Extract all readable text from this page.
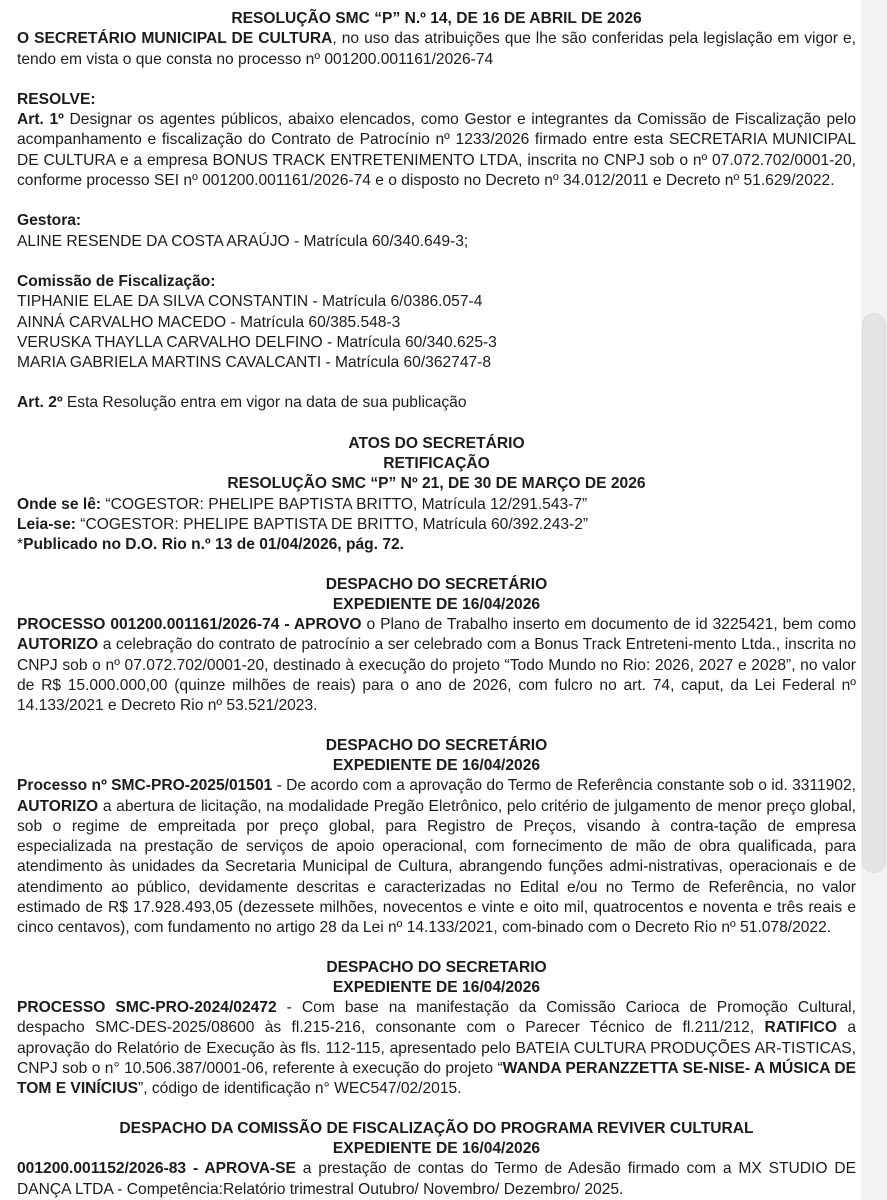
RESOLUÇÃO SMC “P” N.º 14, DE 16 DE ABRIL DE 2026

O SECRETÁRIO MUNICIPAL DE CULTURA, no uso das atribuições que lhe são conferidas pela legislação em vigor e, tendo em vista o que consta no processo nº 001200.001161/2026-74

RESOLVE:

Art. 1º Designar os agentes públicos, abaixo elencados, como Gestor e integrantes da Comissão de Fiscalização pelo acompanhamento e fiscalização do Contrato de Patrocínio nº 1233/2026 firmado entre esta SECRETARIA MUNICIPAL DE CULTURA e a empresa BONUS TRACK ENTRETENIMENTO LTDA, inscrita no CNPJ sob o nº 07.072.702/0001-20, conforme processo SEI nº 001200.001161/2026-74 e o disposto no Decreto nº 34.012/2011 e Decreto nº 51.629/2022.

Gestora:

ALINE RESENDE DA COSTA ARAÚJO - Matrícula 60/340.649-3;

Comissão de Fiscalização:

TIPHANIE ELAE DA SILVA CONSTANTIN - Matrícula 6/0386.057-4

AINNÁ CARVALHO MACEDO - Matrícula 60/385.548-3

VERUSKA THAYLLA CARVALHO DELFINO - Matrícula 60/340.625-3

MARIA GABRIELA MARTINS CAVALCANTI - Matrícula 60/362747-8

Art. 2º Esta Resolução entra em vigor na data de sua publicação

ATOS DO SECRETÁRIO

RETIFICAÇÃO

RESOLUÇÃO SMC “P” Nº 21, DE 30 DE MARÇO DE 2026

Onde se lê: “COGESTOR: PHELIPE BAPTISTA BRITTO, Matrícula 12/291.543-7”

Leia-se: “COGESTOR: PHELIPE BAPTISTA DE BRITTO, Matrícula 60/392.243-2”

*Publicado no D.O. Rio n.º 13 de 01/04/2026, pág. 72.

DESPACHO DO SECRETÁRIO

EXPEDIENTE DE 16/04/2026

PROCESSO 001200.001161/2026-74 - APROVO o Plano de Trabalho inserto em documento de id 3225421, bem como AUTORIZO a celebração do contrato de patrocínio a ser celebrado com a Bonus Track Entreteni-mento Ltda., inscrita no CNPJ sob o nº 07.072.702/0001-20, destinado à execução do projeto “Todo Mundo no Rio: 2026, 2027 e 2028”, no valor de R$ 15.000.000,00 (quinze milhões de reais) para o ano de 2026, com fulcro no art. 74, caput, da Lei Federal nº 14.133/2021 e Decreto Rio nº 53.521/2023.

DESPACHO DO SECRETÁRIO

EXPEDIENTE DE 16/04/2026

Processo nº SMC-PRO-2025/01501 - De acordo com a aprovação do Termo de Referência constante sob o id. 3311902, AUTORIZO a abertura de licitação, na modalidade Pregão Eletrônico, pelo critério de julgamento de menor preço global, sob o regime de empreitada por preço global, para Registro de Preços, visando à contra-tação de empresa especializada na prestação de serviços de apoio operacional, com fornecimento de mão de obra qualificada, para atendimento às unidades da Secretaria Municipal de Cultura, abrangendo funções admi-nistrativas, operacionais e de atendimento ao público, devidamente descritas e caracterizadas no Edital e/ou no Termo de Referência, no valor estimado de R$ 17.928.493,05 (dezessete milhões, novecentos e vinte e oito mil, quatrocentos e noventa e três reais e cinco centavos), com fundamento no artigo 28 da Lei nº 14.133/2021, com-binado com o Decreto Rio nº 51.078/2022.

DESPACHO DO SECRETARIO

EXPEDIENTE DE 16/04/2026

PROCESSO SMC-PRO-2024/02472 - Com base na manifestação da Comissão Carioca de Promoção Cultural, despacho SMC-DES-2025/08600 às fl.215-216, consonante com o Parecer Técnico de fl.211/212, RATIFICO a aprovação do Relatório de Execução às fls. 112-115, apresentado pelo BATEIA CULTURA PRODUÇÕES AR-TISTICAS, CNPJ sob o n° 10.506.387/0001-06, referente à execução do projeto “WANDA PERANZZETTA SE-NISE- A MÚSICA DE TOM E VINÍCIUS”, código de identificação n° WEC547/02/2015.

DESPACHO DA COMISSÃO DE FISCALIZAÇÃO DO PROGRAMA REVIVER CULTURAL

EXPEDIENTE DE 16/04/2026

001200.001152/2026-83 - APROVA-SE a prestação de contas do Termo de Adesão firmado com a MX STUDIO DE DANÇA LTDA - Competência:Relatório trimestral Outubro/ Novembro/ Dezembro/ 2025.
